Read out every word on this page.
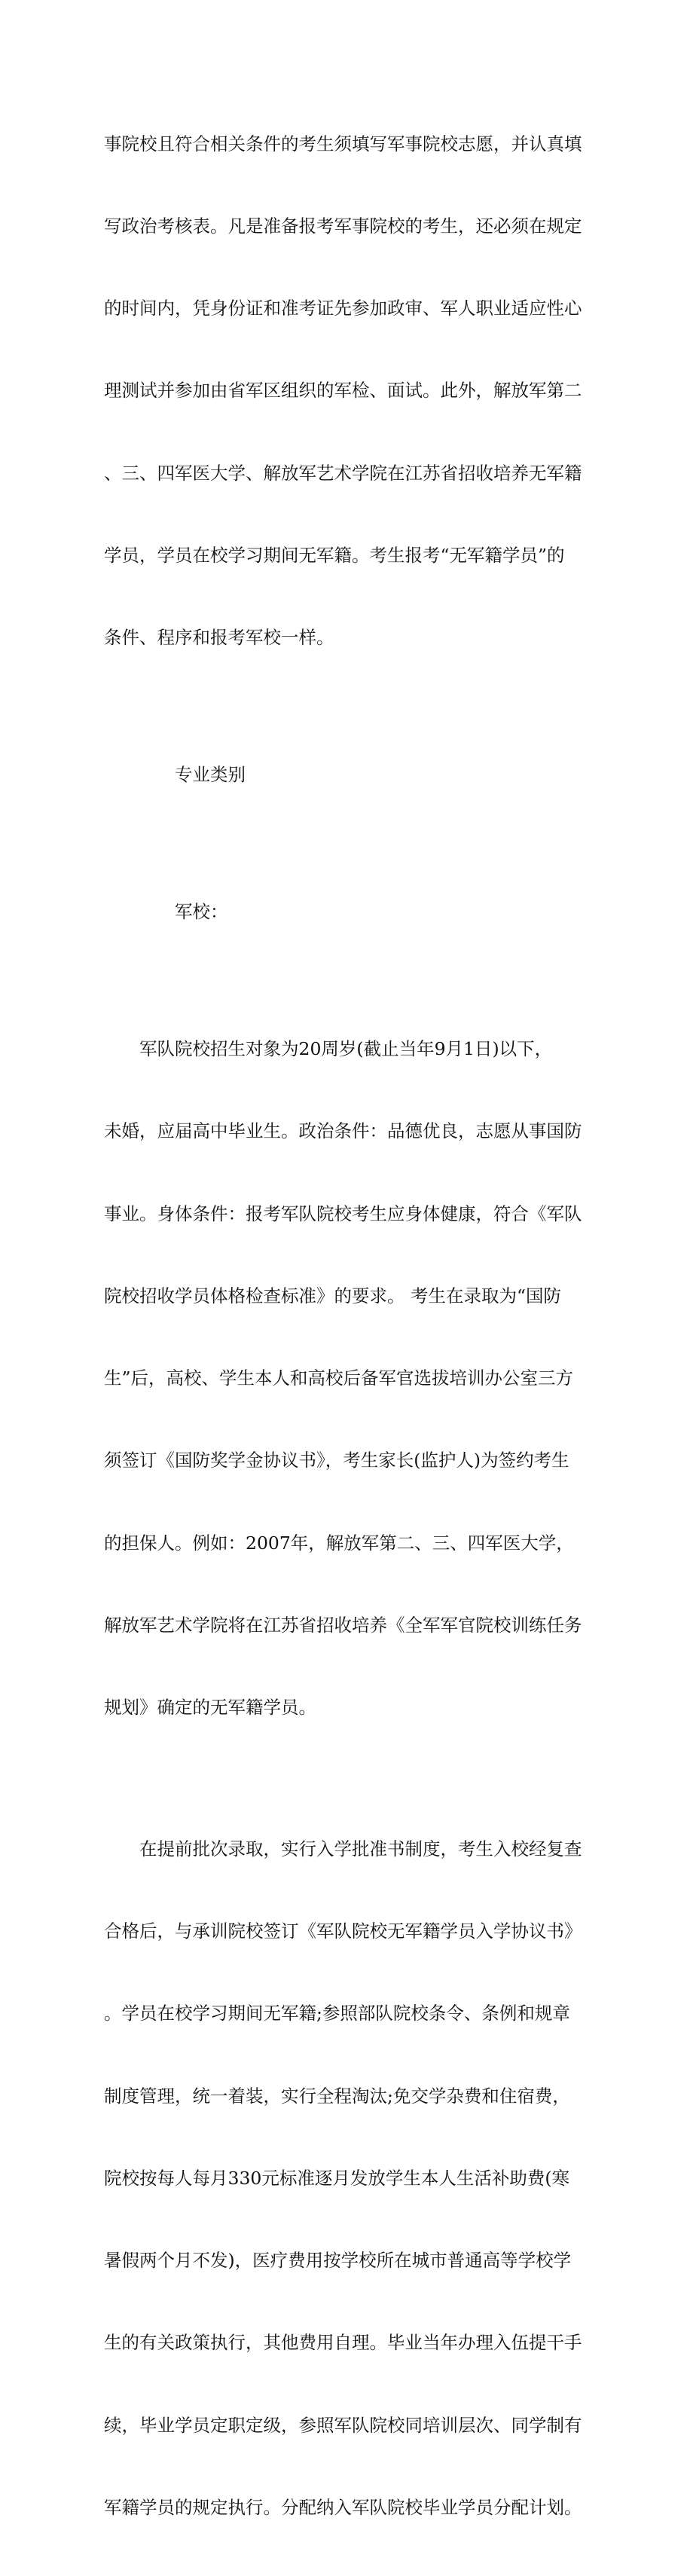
事院校且符合相关条件的考生须填写军事院校志愿，并认真填

写政治考核表。凡是准备报考军事院校的考生，还必须在规定

的时间内，凭身份证和准考证先参加政审、军人职业适应性心

理测试并参加由省军区组织的军检、面试。此外，解放军第二

、三、四军医大学、解放军艺术学院在江苏省招收培养无军籍

学员，学员在校学习期间无军籍。考生报考“无军籍学员”的

条件、程序和报考军校一样。

专业类别

军校：

军队院校招生对象为20周岁(截止当年9月1日)以下，

未婚，应届高中毕业生。政治条件：品德优良，志愿从事国防

事业。身体条件：报考军队院校考生应身体健康，符合《军队

院校招收学员体格检查标准》的要求。 考生在录取为“国防

生”后，高校、学生本人和高校后备军官选拔培训办公室三方

须签订《国防奖学金协议书》，考生家长(监护人)为签约考生

的担保人。例如：2007年，解放军第二、三、四军医大学，

解放军艺术学院将在江苏省招收培养《全军军官院校训练任务

规划》确定的无军籍学员。

在提前批次录取，实行入学批准书制度，考生入校经复查

合格后，与承训院校签订《军队院校无军籍学员入学协议书》

。学员在校学习期间无军籍;参照部队院校条令、条例和规章

制度管理，统一着装，实行全程淘汰;免交学杂费和住宿费，

院校按每人每月330元标准逐月发放学生本人生活补助费(寒

暑假两个月不发)，医疗费用按学校所在城市普通高等学校学

生的有关政策执行，其他费用自理。毕业当年办理入伍提干手

续，毕业学员定职定级，参照军队院校同培训层次、同学制有

军籍学员的规定执行。分配纳入军队院校毕业学员分配计划。
